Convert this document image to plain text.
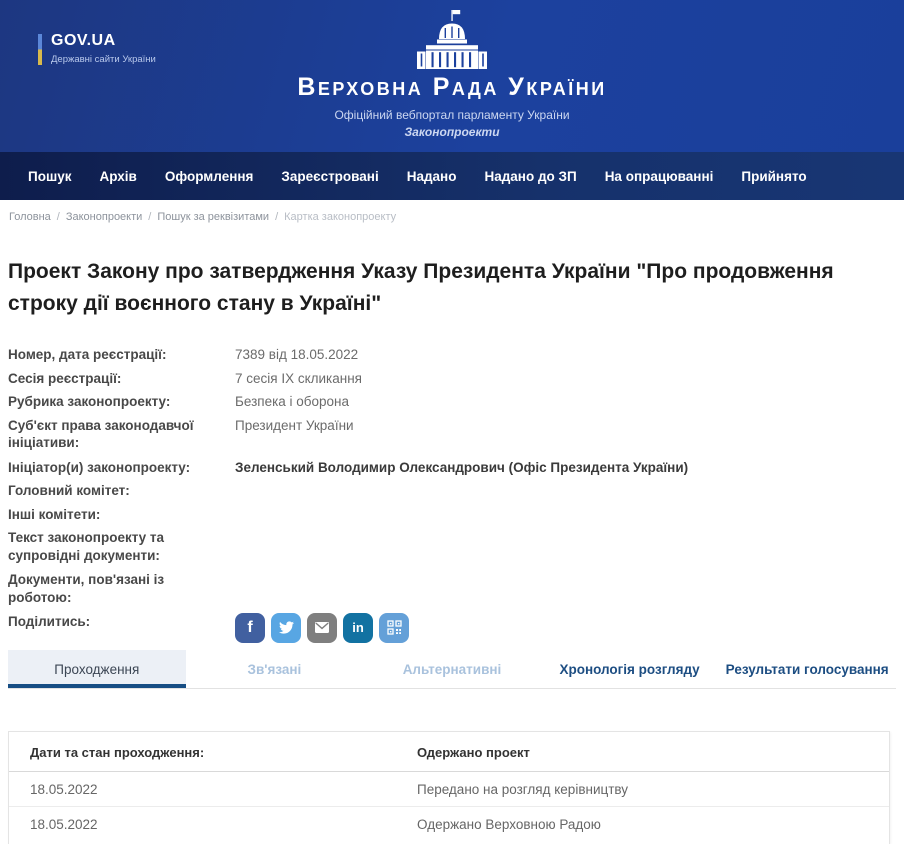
GOV.UA
Державні сайти України
Верховна Рада України
Офіційний вебпортал парламенту України
Законопроекти
Пошук	Архів	Оформлення	Зареєстровані	Надано	Надано до ЗП	На опрацюванні	Прийнято
Головна / Законопроекти / Пошук за реквізитами / Картка законопроекту
Проект Закону про затвердження Указу Президента України "Про продовження строку дії воєнного стану в Україні"
Номер, дата реєстрації:	7389 від 18.05.2022
Сесія реєстрації:	7 сесія IX скликання
Рубрика законопроекту:	Безпека і оборона
Суб'єкт права законодавчої ініціативи:
Президент України
Ініціатор(и) законопроекту:	Зеленський Володимир Олександрович (Офіс Президента України)
Головний комітет:
Інші комітети:
Текст законопроекту та супровідні документи:
Документи, пов'язані із роботою:
Поділитись:	f	in
Проходження	Зв'язані	Альтернативні	Хронологія розгляду	Результати голосування
Дати та стан проходження:	Одержано проект
18.05.2022	Передано на розгляд керівництву
18.05.2022	Одержано Верховною Радою
